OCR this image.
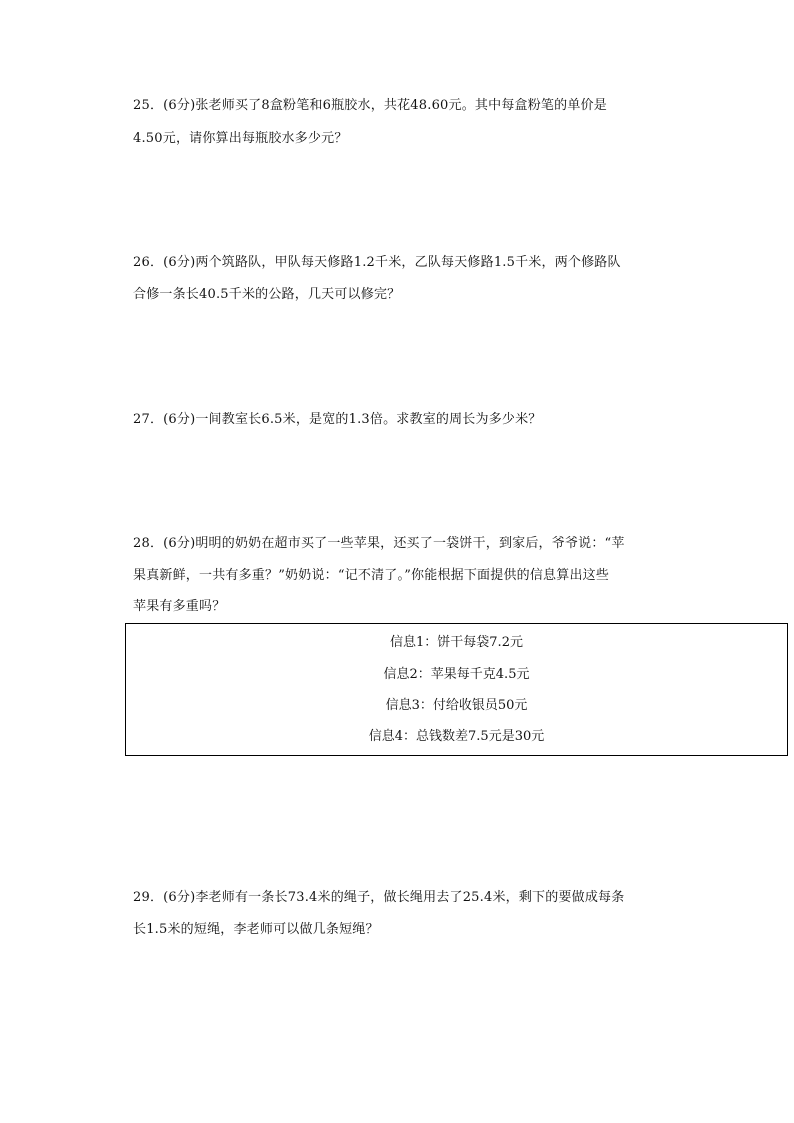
25．(6分)张老师买了8盒粉笔和6瓶胶水，共花48.60元。其中每盒粉笔的单价是
4.50元，请你算出每瓶胶水多少元？
26．(6分)两个筑路队，甲队每天修路1.2千米，乙队每天修路1.5千米，两个修路队
合修一条长40.5千米的公路，几天可以修完？
27．(6分)一间教室长6.5米，是宽的1.3倍。求教室的周长为多少米？
28．(6分)明明的奶奶在超市买了一些苹果，还买了一袋饼干，到家后，爷爷说：“苹
果真新鲜，一共有多重？”奶奶说：“记不清了。”你能根据下面提供的信息算出这些
苹果有多重吗？
信息1：饼干每袋7.2元
信息2：苹果每千克4.5元
信息3：付给收银员50元
信息4：总钱数差7.5元是30元
29．(6分)李老师有一条长73.4米的绳子，做长绳用去了25.4米，剩下的要做成每条
长1.5米的短绳，李老师可以做几条短绳？
